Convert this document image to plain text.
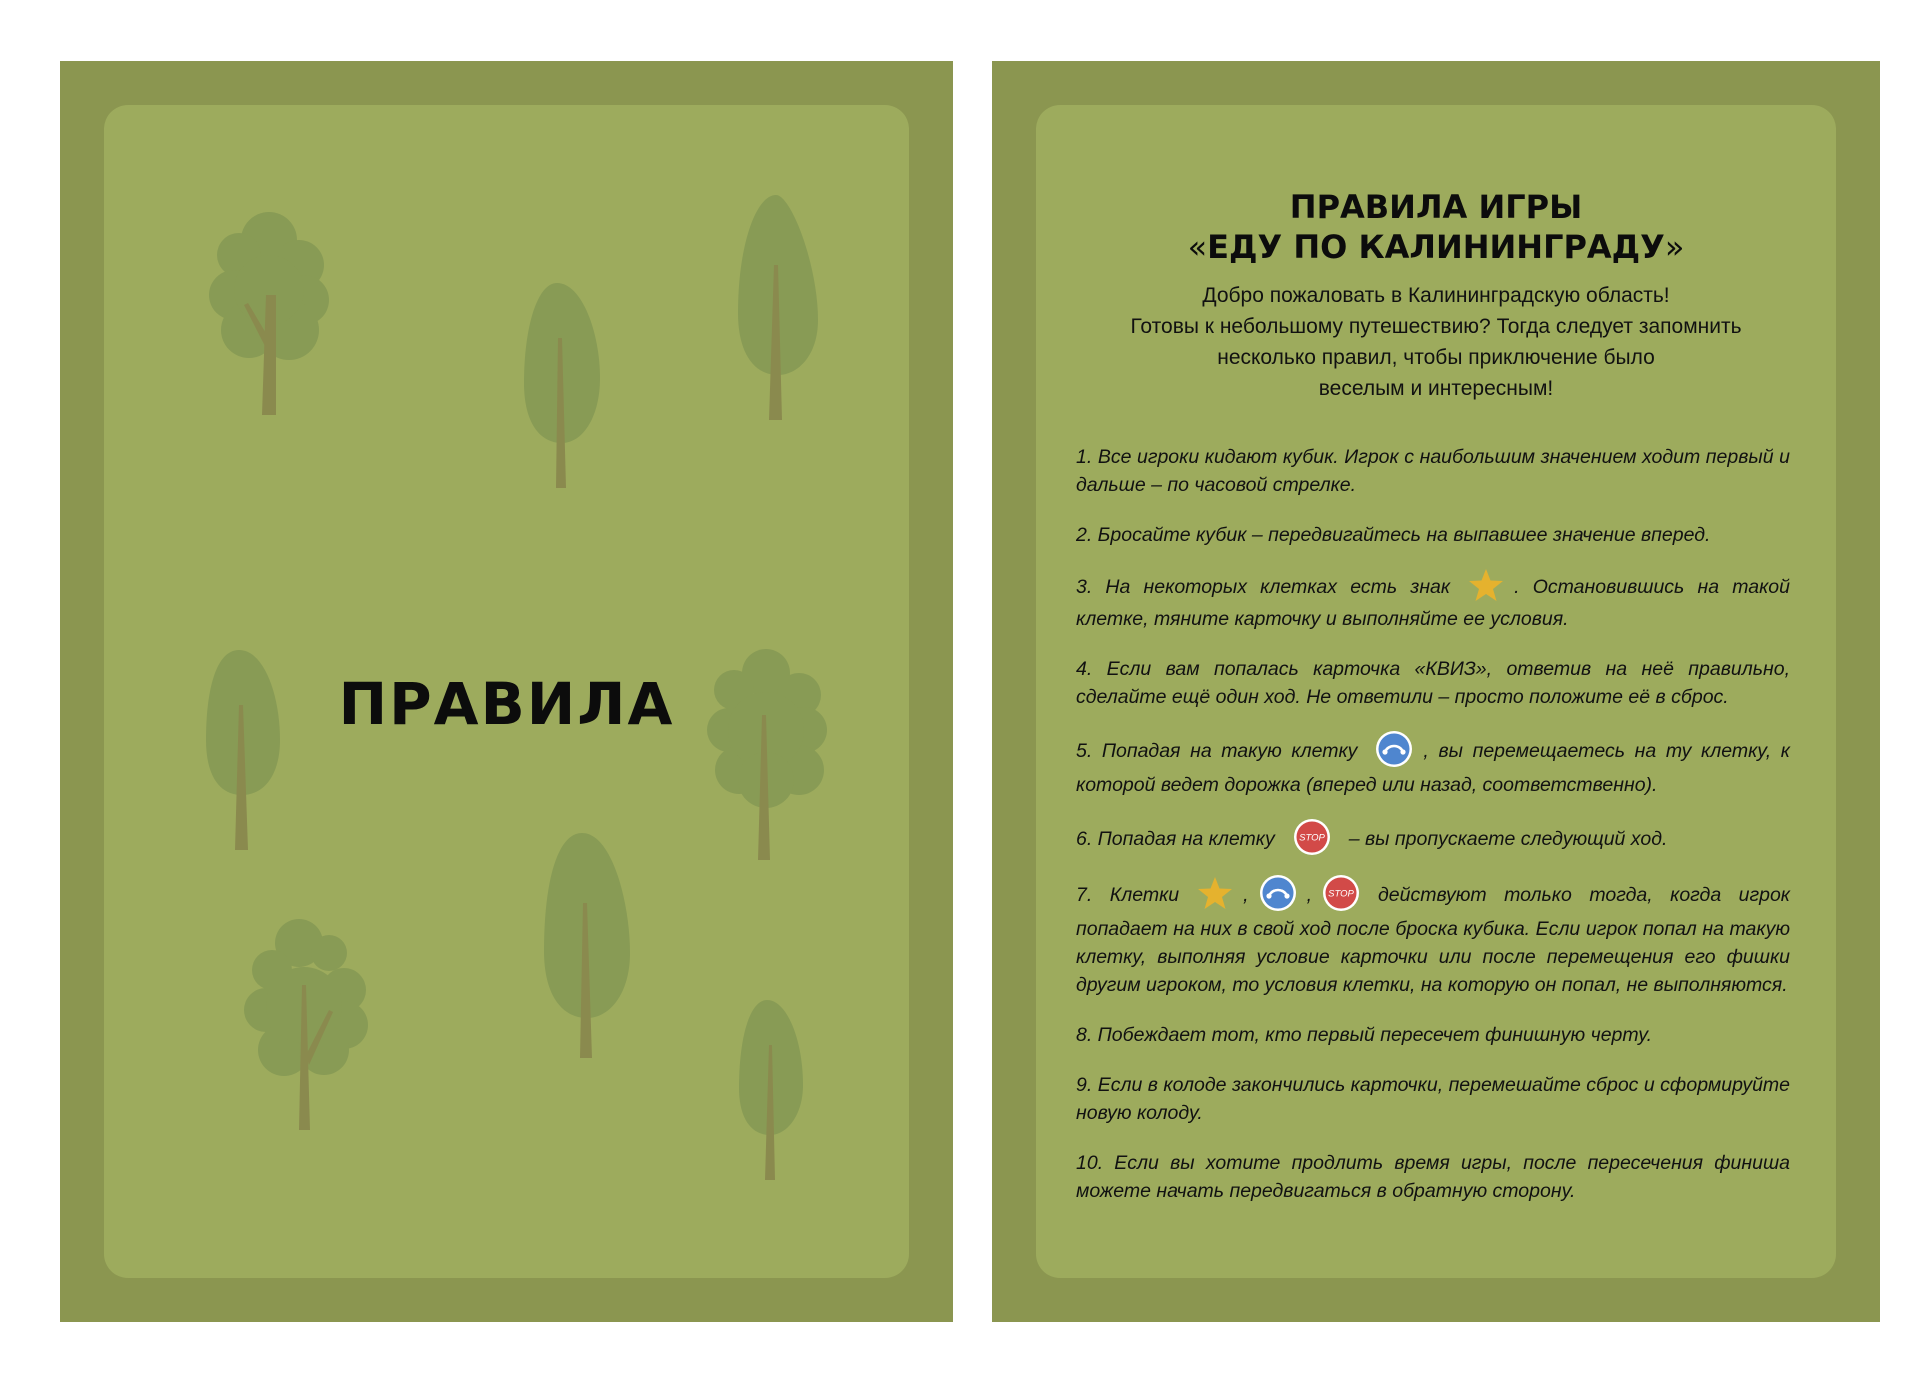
ПРАВИЛА
ПРАВИЛА ИГРЫ
«ЕДУ ПО КАЛИНИНГРАДУ»
Добро пожаловать в Калининградскую область!
Готовы к небольшому путешествию? Тогда следует запомнить
несколько правил, чтобы приключение было
веселым и интересным!

1. Все игроки кидают кубик. Игрок с наибольшим значением ходит первый и дальше – по часовой стрелке.

2. Бросайте кубик – передвигайтесь на выпавшее значение вперед.

3. На некоторых клетках есть знак	. Остановившись на такой клетке, тяните карточку и выполняйте ее условия.

4. Если вам попалась карточка «КВИЗ», ответив на неё правильно, сделайте ещё один ход. Не ответили – просто положите её в сброс.

5. Попадая на такую клетку	, вы перемещаетесь на ту клетку, к которой ведет дорожка (вперед или назад, соответственно).

6. Попадая на клетку	STOP – вы пропускаете следующий ход.

7. Клетки	,	, STOP действуют только тогда, когда игрок попадает на них в свой ход после броска кубика. Если игрок попал на такую клетку, выполняя условие карточки или после перемещения его фишки другим игроком, то условия клетки, на которую он попал, не выполняются.

8. Побеждает тот, кто первый пересечет финишную черту.

9. Если в колоде закончились карточки, перемешайте сброс и сформируйте новую колоду.

10. Если вы хотите продлить время игры, после пересечения финиша можете начать передвигаться в обратную сторону.
